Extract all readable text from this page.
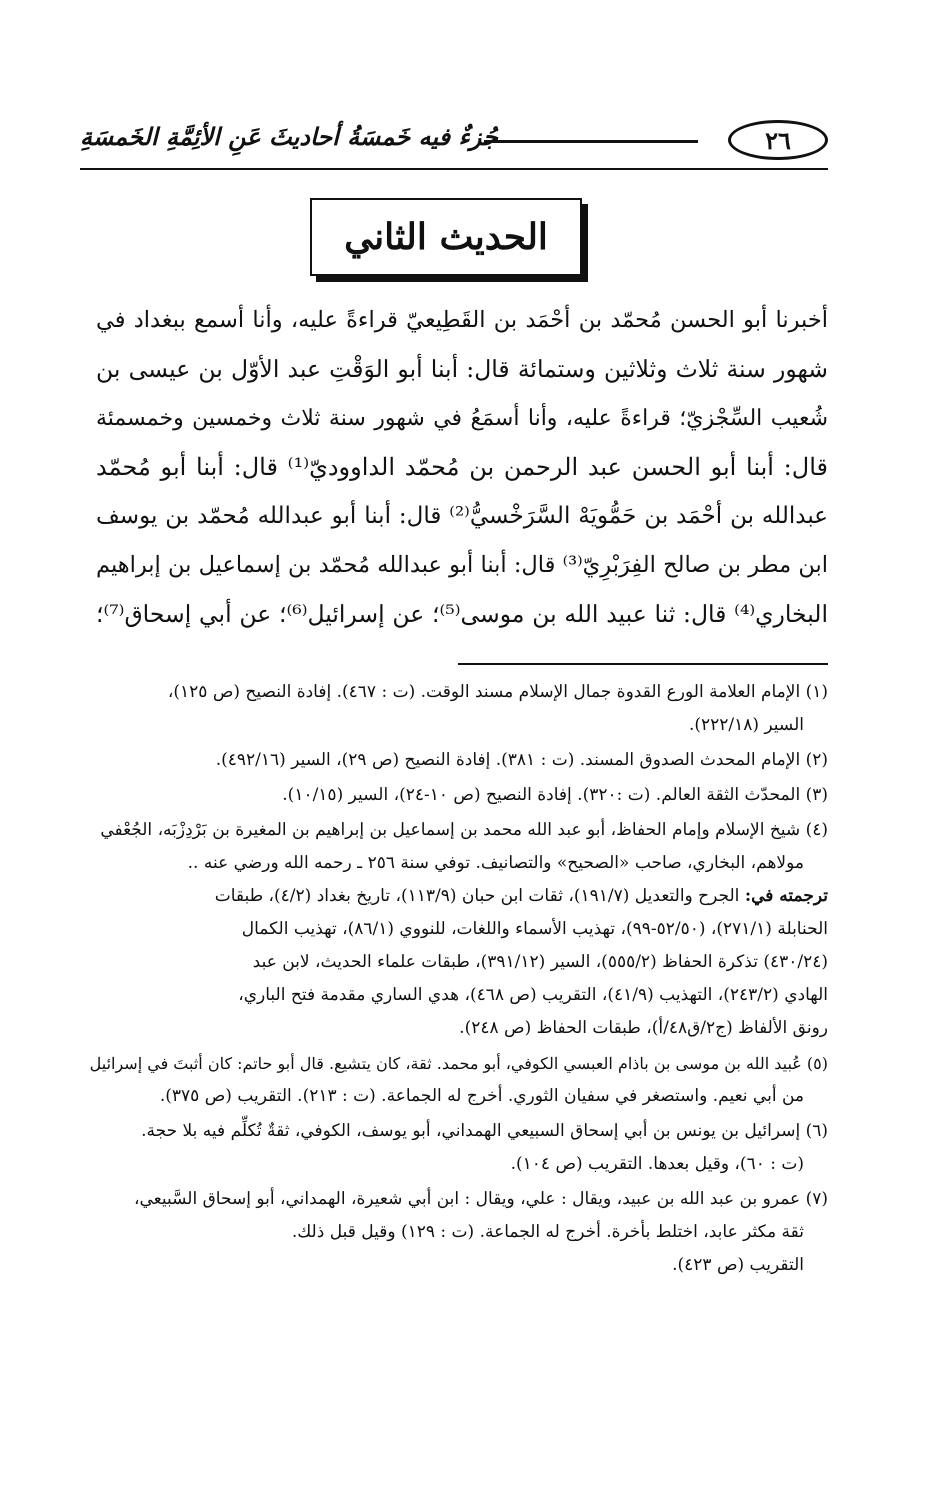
٢٦
جُزءٌ فيه خَمسَةُ أحاديثَ عَنِ الأئِمَّةِ الخَمسَةِ
الحديث الثاني
أخبرنا أبو الحسن مُحمّد بن أحْمَد بن القَطِيعيّ قراءةً عليه، وأنا أسمع ببغداد في
شهور سنة ثلاث وثلاثين وستمائة قال: أبنا أبو الوَقْتِ عبد الأوّل بن عيسى بن
شُعيب السِّجْزيّ؛ قراءةً عليه، وأنا أسمَعُ في شهور سنة ثلاث وخمسين وخمسمئة
قال: أبنا أبو الحسن عبد الرحمن بن مُحمّد الداووديّ⁽¹⁾ قال: أبنا أبو مُحمّد
عبدالله بن أحْمَد بن حَمُّويَهْ السَّرَخْسيُّ⁽²⁾ قال: أبنا أبو عبدالله مُحمّد بن يوسف
ابن مطر بن صالح الفِرَبْرِيّ⁽³⁾ قال: أبنا أبو عبدالله مُحمّد بن إسماعيل بن إبراهيم
البخاري⁽⁴⁾ قال: ثنا عبيد الله بن موسى⁽⁵⁾؛ عن إسرائيل⁽⁶⁾؛ عن أبي إسحاق⁽⁷⁾؛
(١) الإمام العلامة الورع القدوة جمال الإسلام مسند الوقت. (ت : ٤٦٧). إفادة النصيح (ص ١٢٥)،
السير (٢٢٢/١٨).
(٢) الإمام المحدث الصدوق المسند. (ت : ٣٨١). إفادة النصيح (ص ٢٩)، السير (٤٩٢/١٦).
(٣) المحدّث الثقة العالم. (ت :٣٢٠). إفادة النصيح (ص ١٠-٢٤)، السير (١٠/١٥).
(٤) شيخ الإسلام وإمام الحفاظ، أبو عبد الله محمد بن إسماعيل بن إبراهيم بن المغيرة بن بَرْدِزْبَه، الجُعْفي
مولاهم، البخاري، صاحب «الصحيح» والتصانيف. توفي سنة ٢٥٦ ـ رحمه الله ورضي عنه ..
ترجمته في: الجرح والتعديل (١٩١/٧)، ثقات ابن حبان (١١٣/٩)، تاريخ بغداد (٤/٢)، طبقات
الحنابلة (٢٧١/١)، (٥٢/٥٠-٩٩)، تهذيب الأسماء واللغات، للنووي (٨٦/١)، تهذيب الكمال
(٤٣٠/٢٤) تذكرة الحفاظ (٥٥٥/٢)، السير (٣٩١/١٢)، طبقات علماء الحديث، لابن عبد
الهادي (٢٤٣/٢)، التهذيب (٤١/٩)، التقريب (ص ٤٦٨)، هدي الساري مقدمة فتح الباري،
رونق الألفاظ (ج٢/ق٤٨/أ)، طبقات الحفاظ (ص ٢٤٨).
(٥) عُبيد الله بن موسى بن باذام العبسي الكوفي، أبو محمد. ثقة، كان يتشيع. قال أبو حاتم: كان أثبتَ في إسرائيل
من أبي نعيم. واستصغر في سفيان الثوري. أخرج له الجماعة. (ت : ٢١٣). التقريب (ص ٣٧٥).
(٦) إسرائيل بن يونس بن أبي إسحاق السبيعي الهمداني، أبو يوسف، الكوفي، ثقةٌ تُكلِّم فيه بلا حجة.
(ت : ٦٠)، وقيل بعدها. التقريب (ص ١٠٤).
(٧) عمرو بن عبد الله بن عبيد، ويقال : علي، ويقال : ابن أبي شعيرة، الهمداني، أبو إسحاق السَّبيعي،
ثقة مكثر عابد، اختلط بأخرة. أخرج له الجماعة. (ت : ١٢٩) وقيل قبل ذلك.
التقريب (ص ٤٢٣).
